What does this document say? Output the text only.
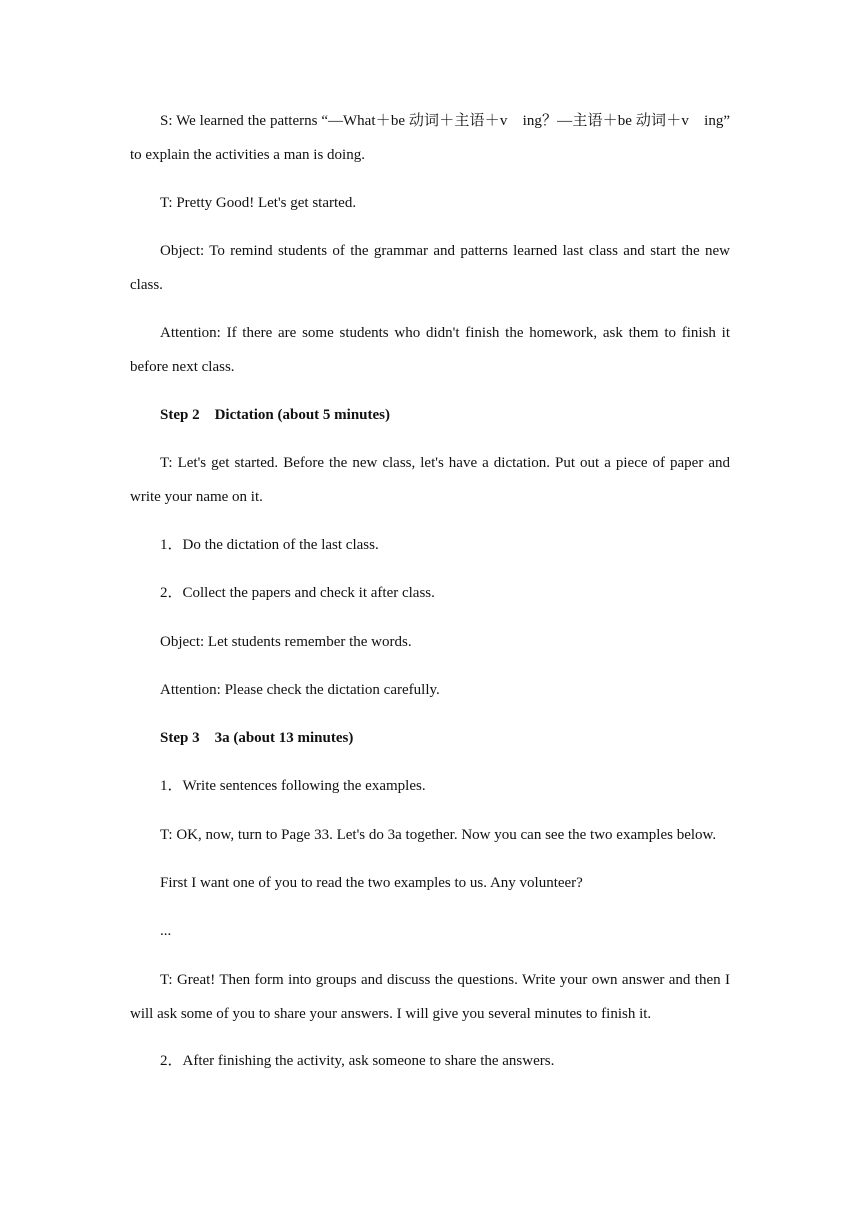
S: We learned the patterns “—What＋be 动词＋主语＋v　ing？—主语＋be 动词＋v　ing” to explain the activities a man is doing.

T: Pretty Good! Let's get started.

Object: To remind students of the grammar and patterns learned last class and start the new class.

Attention: If there are some students who didn't finish the homework, ask them to finish it before next class.

Step 2　Dictation (about 5 minutes)

T: Let's get started. Before the new class, let's have a dictation. Put out a piece of paper and write your name on it.

1．Do the dictation of the last class.

2．Collect the papers and check it after class.

Object: Let students remember the words.

Attention: Please check the dictation carefully.

Step 3　3a (about 13 minutes)

1．Write sentences following the examples.

T: OK, now, turn to Page 33. Let's do 3a together. Now you can see the two examples below.

First I want one of you to read the two examples to us. Any volunteer?

...

T: Great! Then form into groups and discuss the questions. Write your own answer and then I will ask some of you to share your answers. I will give you several minutes to finish it.

2．After finishing the activity, ask someone to share the answers.
